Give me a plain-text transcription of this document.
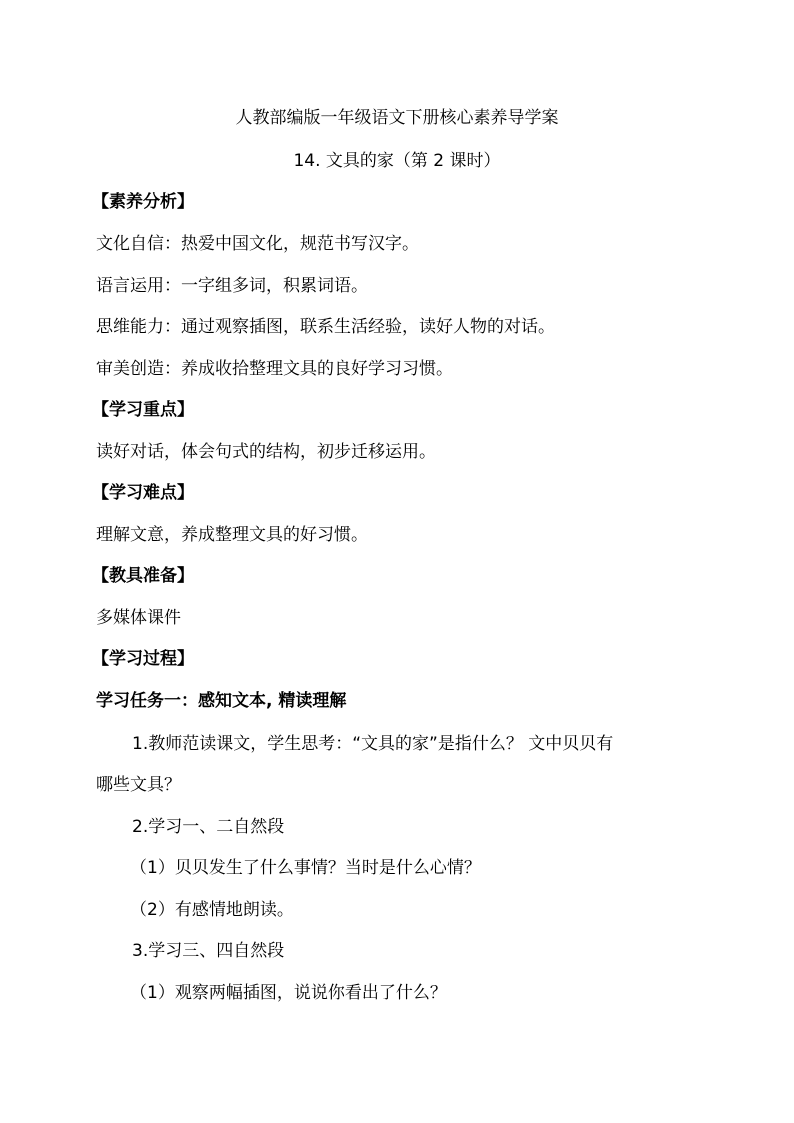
人教部编版一年级语文下册核心素养导学案
14. 文具的家（第 2 课时）
【素养分析】
文化自信：热爱中国文化，规范书写汉字。
语言运用：一字组多词，积累词语。
思维能力：通过观察插图，联系生活经验，读好人物的对话。
审美创造：养成收拾整理文具的良好学习习惯。
【学习重点】
读好对话，体会句式的结构，初步迁移运用。
【学习难点】
理解文意，养成整理文具的好习惯。
【教具准备】
多媒体课件
【学习过程】
学习任务一：感知文本, 精读理解
1.教师范读课文，学生思考：“文具的家”是指什么？ 文中贝贝有
哪些文具？
2.学习一、二自然段
（1）贝贝发生了什么事情？当时是什么心情？
（2）有感情地朗读。
3.学习三、四自然段
（1）观察两幅插图，说说你看出了什么？
